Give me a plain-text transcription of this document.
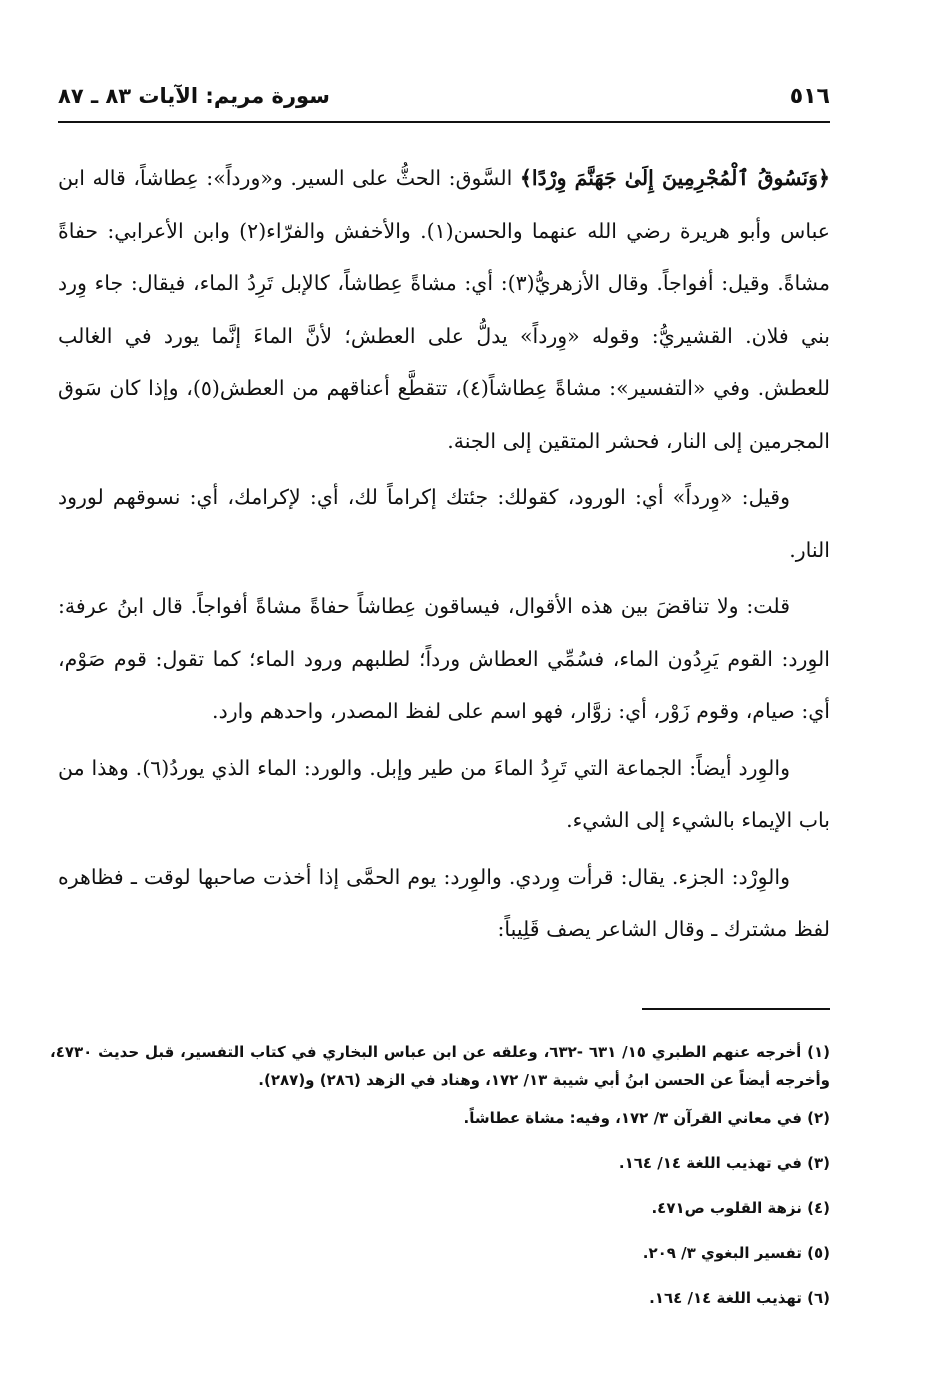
٥١٦
سورة مريم: الآيات ٨٣ ـ ٨٧

﴿وَنَسُوقُ ٱلْمُجْرِمِينَ إِلَىٰ جَهَنَّمَ وِرْدًا﴾ السَّوق: الحثُّ على السير. و«ورداً»: عِطاشاً، قاله ابن عباس وأبو هريرة رضي الله عنهما والحسن(١). والأخفش والفرّاء(٢) وابن الأعرابي: حفاةً مشاةً. وقيل: أفواجاً. وقال الأزهريُّ(٣): أي: مشاةً عِطاشاً، كالإبل تَرِدُ الماء، فيقال: جاء وِرد بني فلان. القشيريُّ: وقوله «وِرداً» يدلُّ على العطش؛ لأنَّ الماءَ إنَّما يورد في الغالب للعطش. وفي «التفسير»: مشاةً عِطاشاً(٤)، تتقطَّع أعناقهم من العطش(٥)، وإذا كان سَوق المجرمين إلى النار، فحشر المتقين إلى الجنة.

وقيل: «وِرداً» أي: الورود، كقولك: جئتك إكراماً لك، أي: لإكرامك، أي: نسوقهم لورود النار.

قلت: ولا تناقضَ بين هذه الأقوال، فيساقون عِطاشاً حفاةً مشاةً أفواجاً. قال ابنُ عرفة: الوِرد: القوم يَرِدُون الماء، فسُمِّي العطاش ورداً؛ لطلبهم ورود الماء؛ كما تقول: قوم صَوْم، أي: صيام، وقوم زَوْر، أي: زوَّار، فهو اسم على لفظ المصدر، واحدهم وارد.

والوِرد أيضاً: الجماعة التي تَرِدُ الماءَ من طير وإبل. والورد: الماء الذي يوردُ(٦). وهذا من باب الإيماء بالشيء إلى الشيء.

والوِرْد: الجزء. يقال: قرأت وِردي. والوِرد: يوم الحمَّى إذا أخذت صاحبها لوقت ـ فظاهره لفظ مشترك ـ وقال الشاعر يصف قَلِيباً:

(١) أخرجه عنهم الطبري ١٥/ ٦٣١ -٦٣٢، وعلقه عن ابن عباس البخاري في كتاب التفسير، قبل حديث ٤٧٣٠، وأخرجه أيضاً عن الحسن ابنُ أبي شيبة ١٣/ ١٧٢، وهناد في الزهد (٢٨٦) و(٢٨٧).

(٢) في معاني القرآن ٣/ ١٧٢، وفيه: مشاة عطاشاً.

(٣) في تهذيب اللغة ١٤/ ١٦٤.

(٤) نزهة القلوب ص٤٧١.

(٥) تفسير البغوي ٣/ ٢٠٩.

(٦) تهذيب اللغة ١٤/ ١٦٤.
